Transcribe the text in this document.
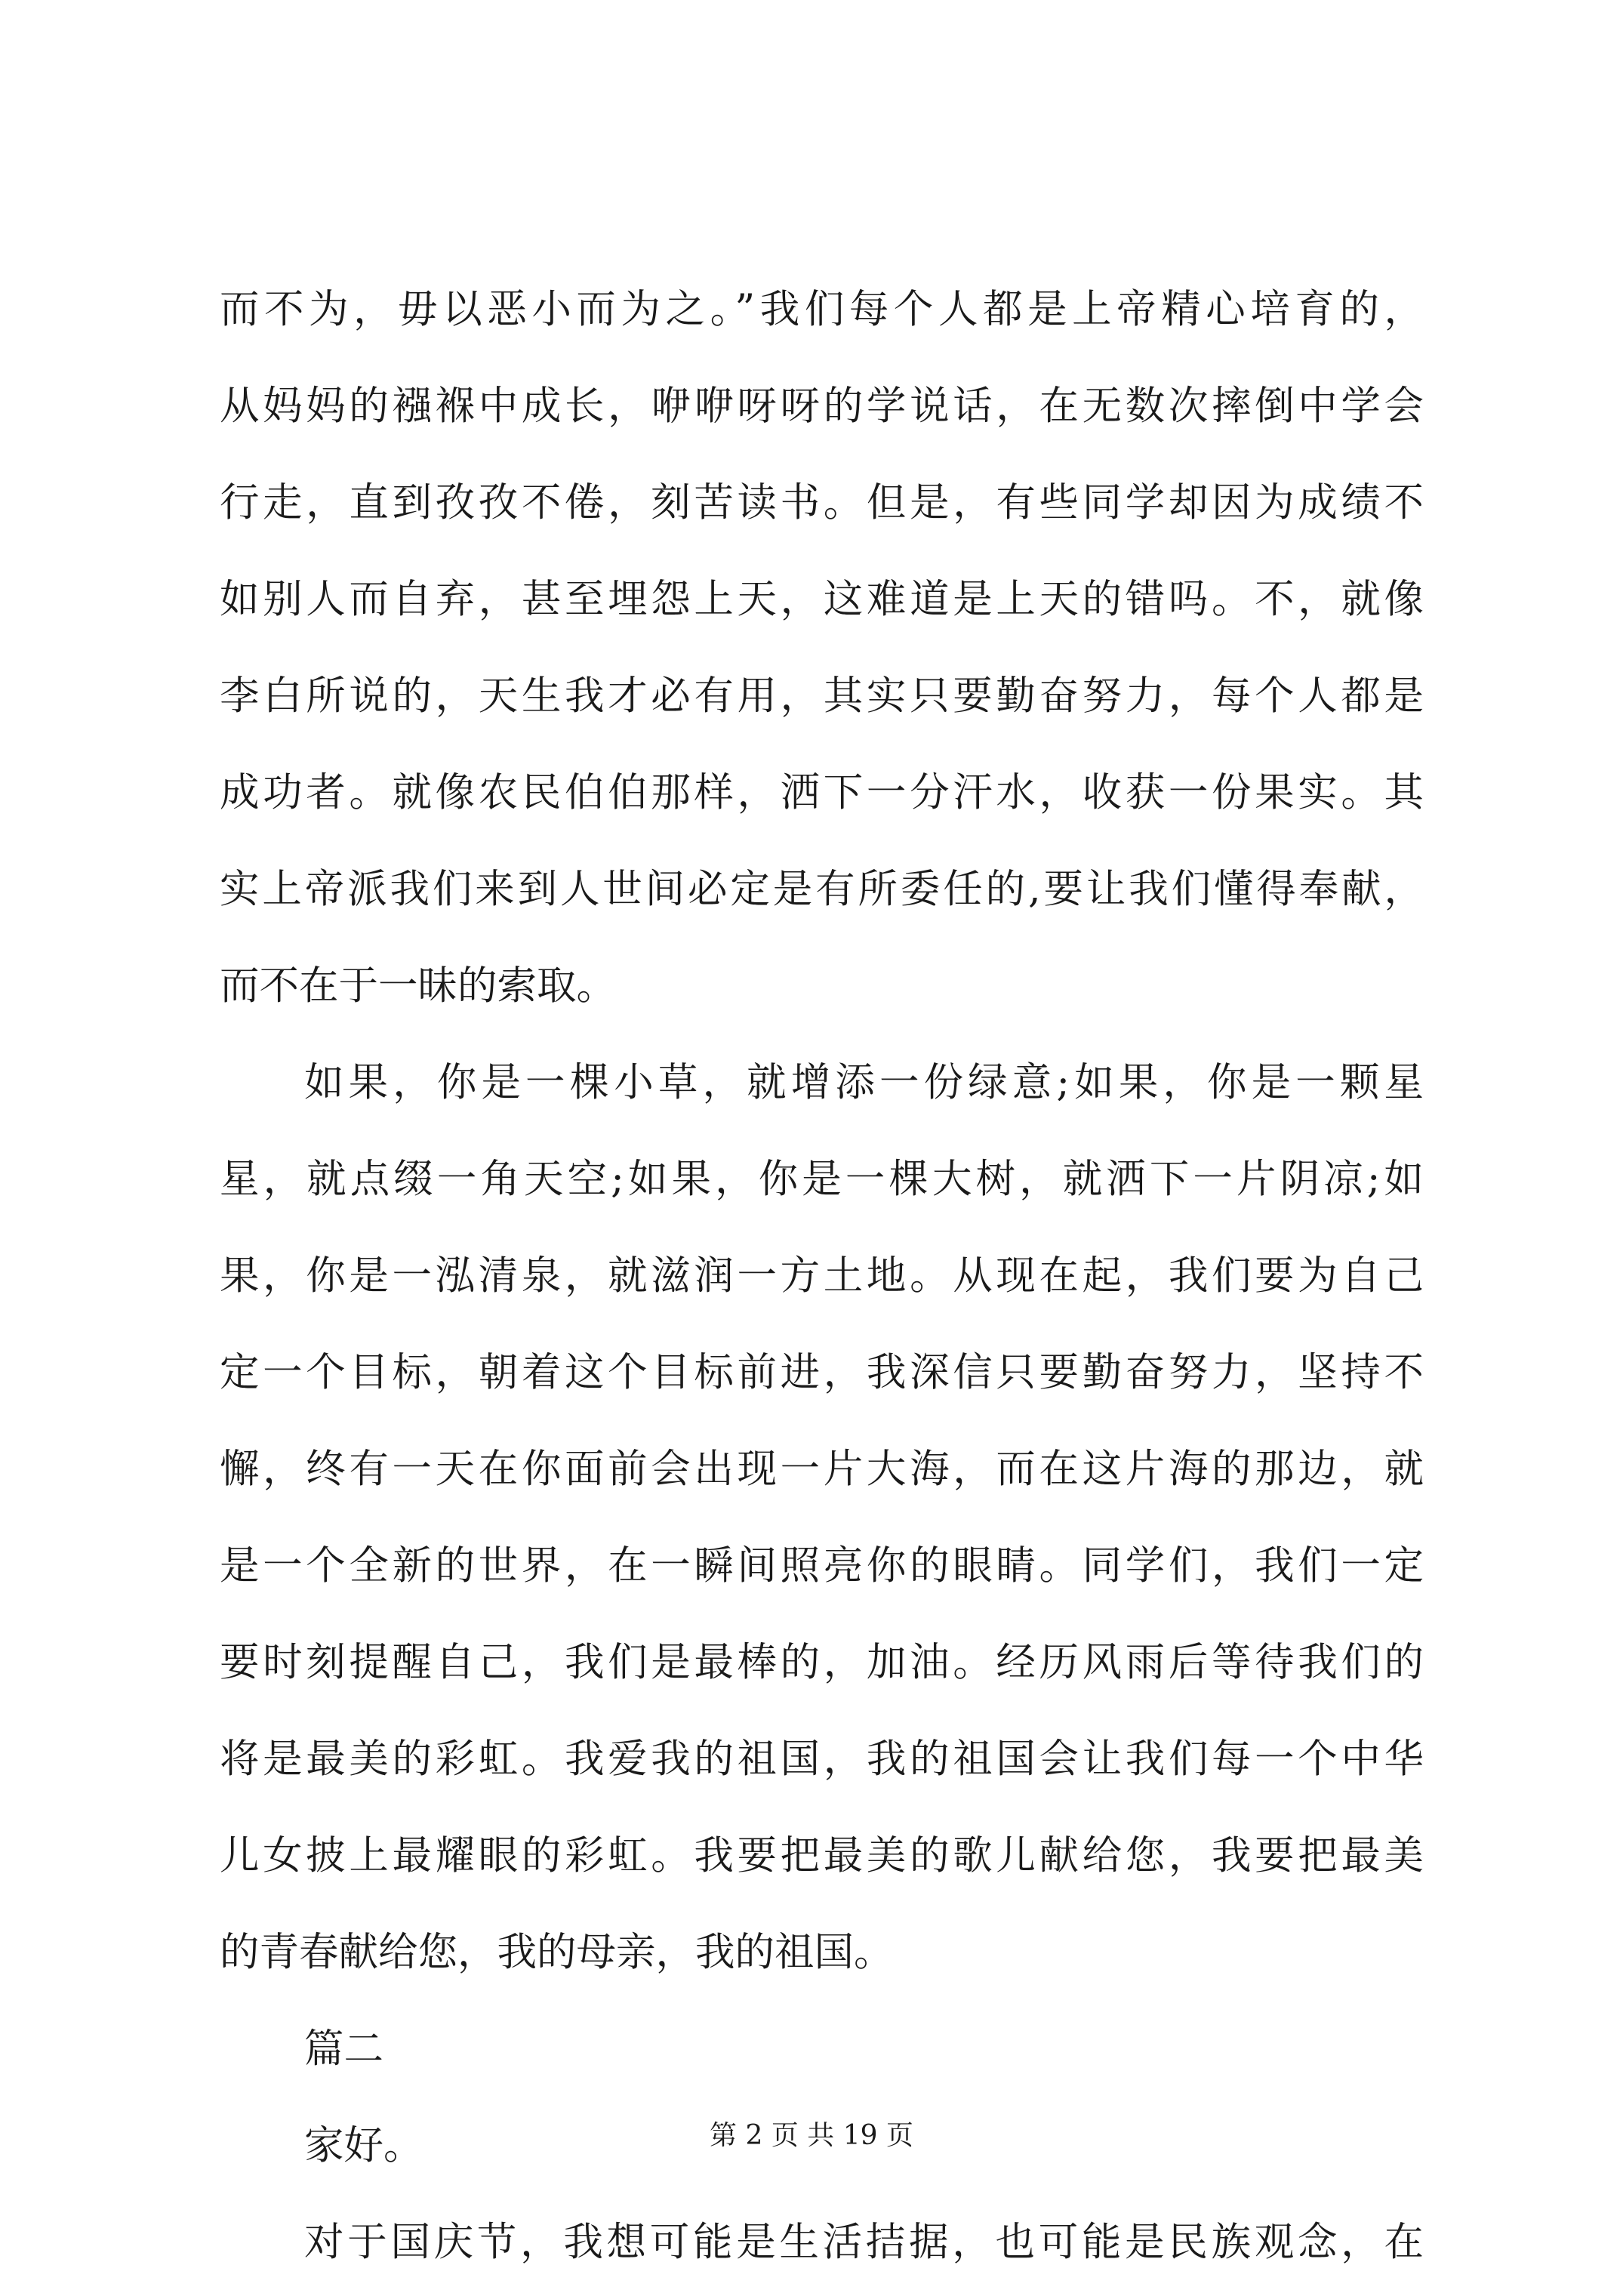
而不为，毋以恶小而为之。”我们每个人都是上帝精心培育的，
从妈妈的襁褓中成长，咿咿呀呀的学说话，在无数次摔倒中学会
行走，直到孜孜不倦，刻苦读书。但是，有些同学却因为成绩不
如别人而自弃，甚至埋怨上天，这难道是上天的错吗。不，就像
李白所说的，天生我才必有用，其实只要勤奋努力，每个人都是
成功者。就像农民伯伯那样，洒下一分汗水，收获一份果实。其
实上帝派我们来到人世间必定是有所委任的,要让我们懂得奉献，
而不在于一昧的索取。
如果，你是一棵小草，就增添一份绿意;如果，你是一颗星
星，就点缀一角天空;如果，你是一棵大树，就洒下一片阴凉;如
果，你是一泓清泉，就滋润一方土地。从现在起，我们要为自己
定一个目标，朝着这个目标前进，我深信只要勤奋努力，坚持不
懈，终有一天在你面前会出现一片大海，而在这片海的那边，就
是一个全新的世界，在一瞬间照亮你的眼睛。同学们，我们一定
要时刻提醒自己，我们是最棒的，加油。经历风雨后等待我们的
将是最美的彩虹。我爱我的祖国，我的祖国会让我们每一个中华
儿女披上最耀眼的彩虹。我要把最美的歌儿献给您，我要把最美
的青春献给您，我的母亲，我的祖国。
篇二
家好。
对于国庆节，我想可能是生活拮据，也可能是民族观念，在
第 2 页 共 19 页
